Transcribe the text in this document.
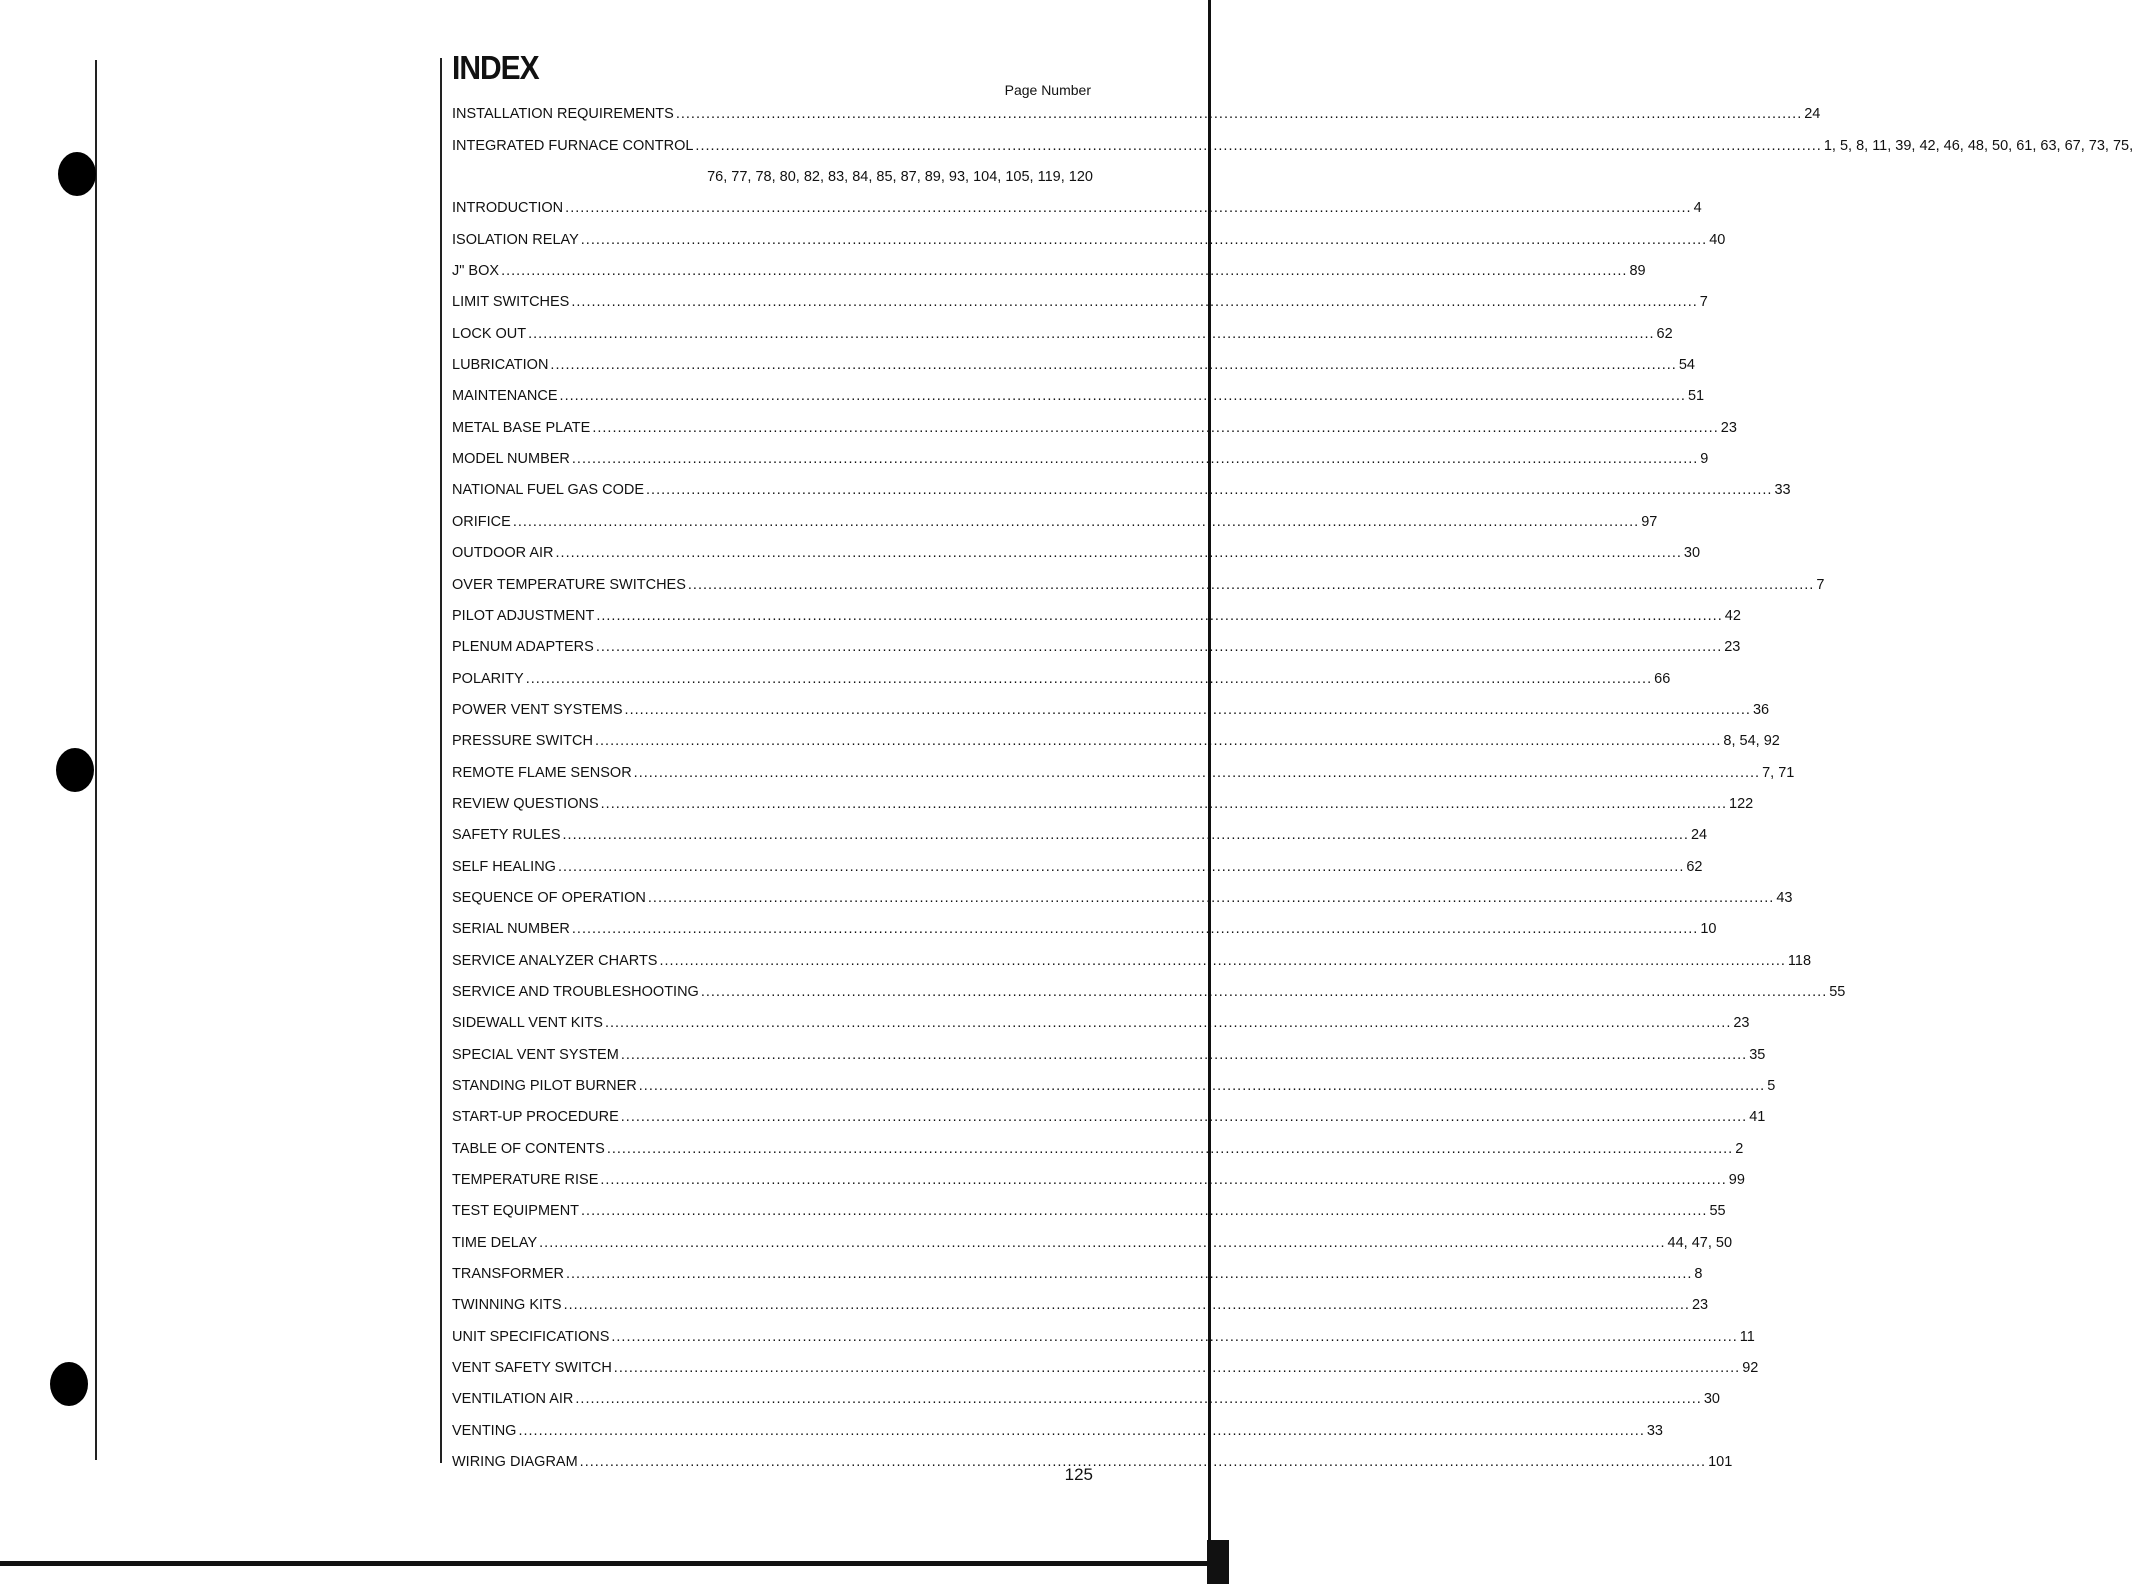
INDEX
Page Number
INSTALLATION REQUIREMENTS ................................................................................................................................................................................................................................ 24
INTEGRATED FURNACE CONTROL ................................................................................................................................................................................................................................ 1, 5, 8, 11, 39, 42, 46, 48, 50, 61, 63, 67, 73, 75,
76, 77, 78, 80, 82, 83, 84, 85, 87, 89, 93, 104, 105, 119, 120
INTRODUCTION ................................................................................................................................................................................................................................ 4
ISOLATION RELAY ................................................................................................................................................................................................................................ 40
J" BOX ................................................................................................................................................................................................................................ 89
LIMIT SWITCHES ................................................................................................................................................................................................................................ 7
LOCK OUT ................................................................................................................................................................................................................................ 62
LUBRICATION ................................................................................................................................................................................................................................ 54
MAINTENANCE ................................................................................................................................................................................................................................ 51
METAL BASE PLATE ................................................................................................................................................................................................................................ 23
MODEL NUMBER ................................................................................................................................................................................................................................ 9
NATIONAL FUEL GAS CODE ................................................................................................................................................................................................................................ 33
ORIFICE ................................................................................................................................................................................................................................ 97
OUTDOOR AIR ................................................................................................................................................................................................................................ 30
OVER TEMPERATURE SWITCHES ................................................................................................................................................................................................................................ 7
PILOT ADJUSTMENT ................................................................................................................................................................................................................................ 42
PLENUM ADAPTERS ................................................................................................................................................................................................................................ 23
POLARITY ................................................................................................................................................................................................................................ 66
POWER VENT SYSTEMS ................................................................................................................................................................................................................................ 36
PRESSURE SWITCH ................................................................................................................................................................................................................................ 8, 54, 92
REMOTE FLAME SENSOR ................................................................................................................................................................................................................................ 7, 71
REVIEW QUESTIONS ................................................................................................................................................................................................................................ 122
SAFETY RULES ................................................................................................................................................................................................................................ 24
SELF HEALING ................................................................................................................................................................................................................................ 62
SEQUENCE OF OPERATION ................................................................................................................................................................................................................................ 43
SERIAL NUMBER ................................................................................................................................................................................................................................ 10
SERVICE ANALYZER CHARTS ................................................................................................................................................................................................................................ 118
SERVICE AND TROUBLESHOOTING ................................................................................................................................................................................................................................ 55
SIDEWALL VENT KITS ................................................................................................................................................................................................................................ 23
SPECIAL VENT SYSTEM ................................................................................................................................................................................................................................ 35
STANDING PILOT BURNER ................................................................................................................................................................................................................................ 5
START-UP PROCEDURE ................................................................................................................................................................................................................................ 41
TABLE OF CONTENTS ................................................................................................................................................................................................................................ 2
TEMPERATURE RISE ................................................................................................................................................................................................................................ 99
TEST EQUIPMENT ................................................................................................................................................................................................................................ 55
TIME DELAY ................................................................................................................................................................................................................................ 44, 47, 50
TRANSFORMER ................................................................................................................................................................................................................................ 8
TWINNING KITS ................................................................................................................................................................................................................................ 23
UNIT SPECIFICATIONS ................................................................................................................................................................................................................................ 11
VENT SAFETY SWITCH ................................................................................................................................................................................................................................ 92
VENTILATION AIR ................................................................................................................................................................................................................................ 30
VENTING ................................................................................................................................................................................................................................ 33
WIRING DIAGRAM ................................................................................................................................................................................................................................ 101
125
